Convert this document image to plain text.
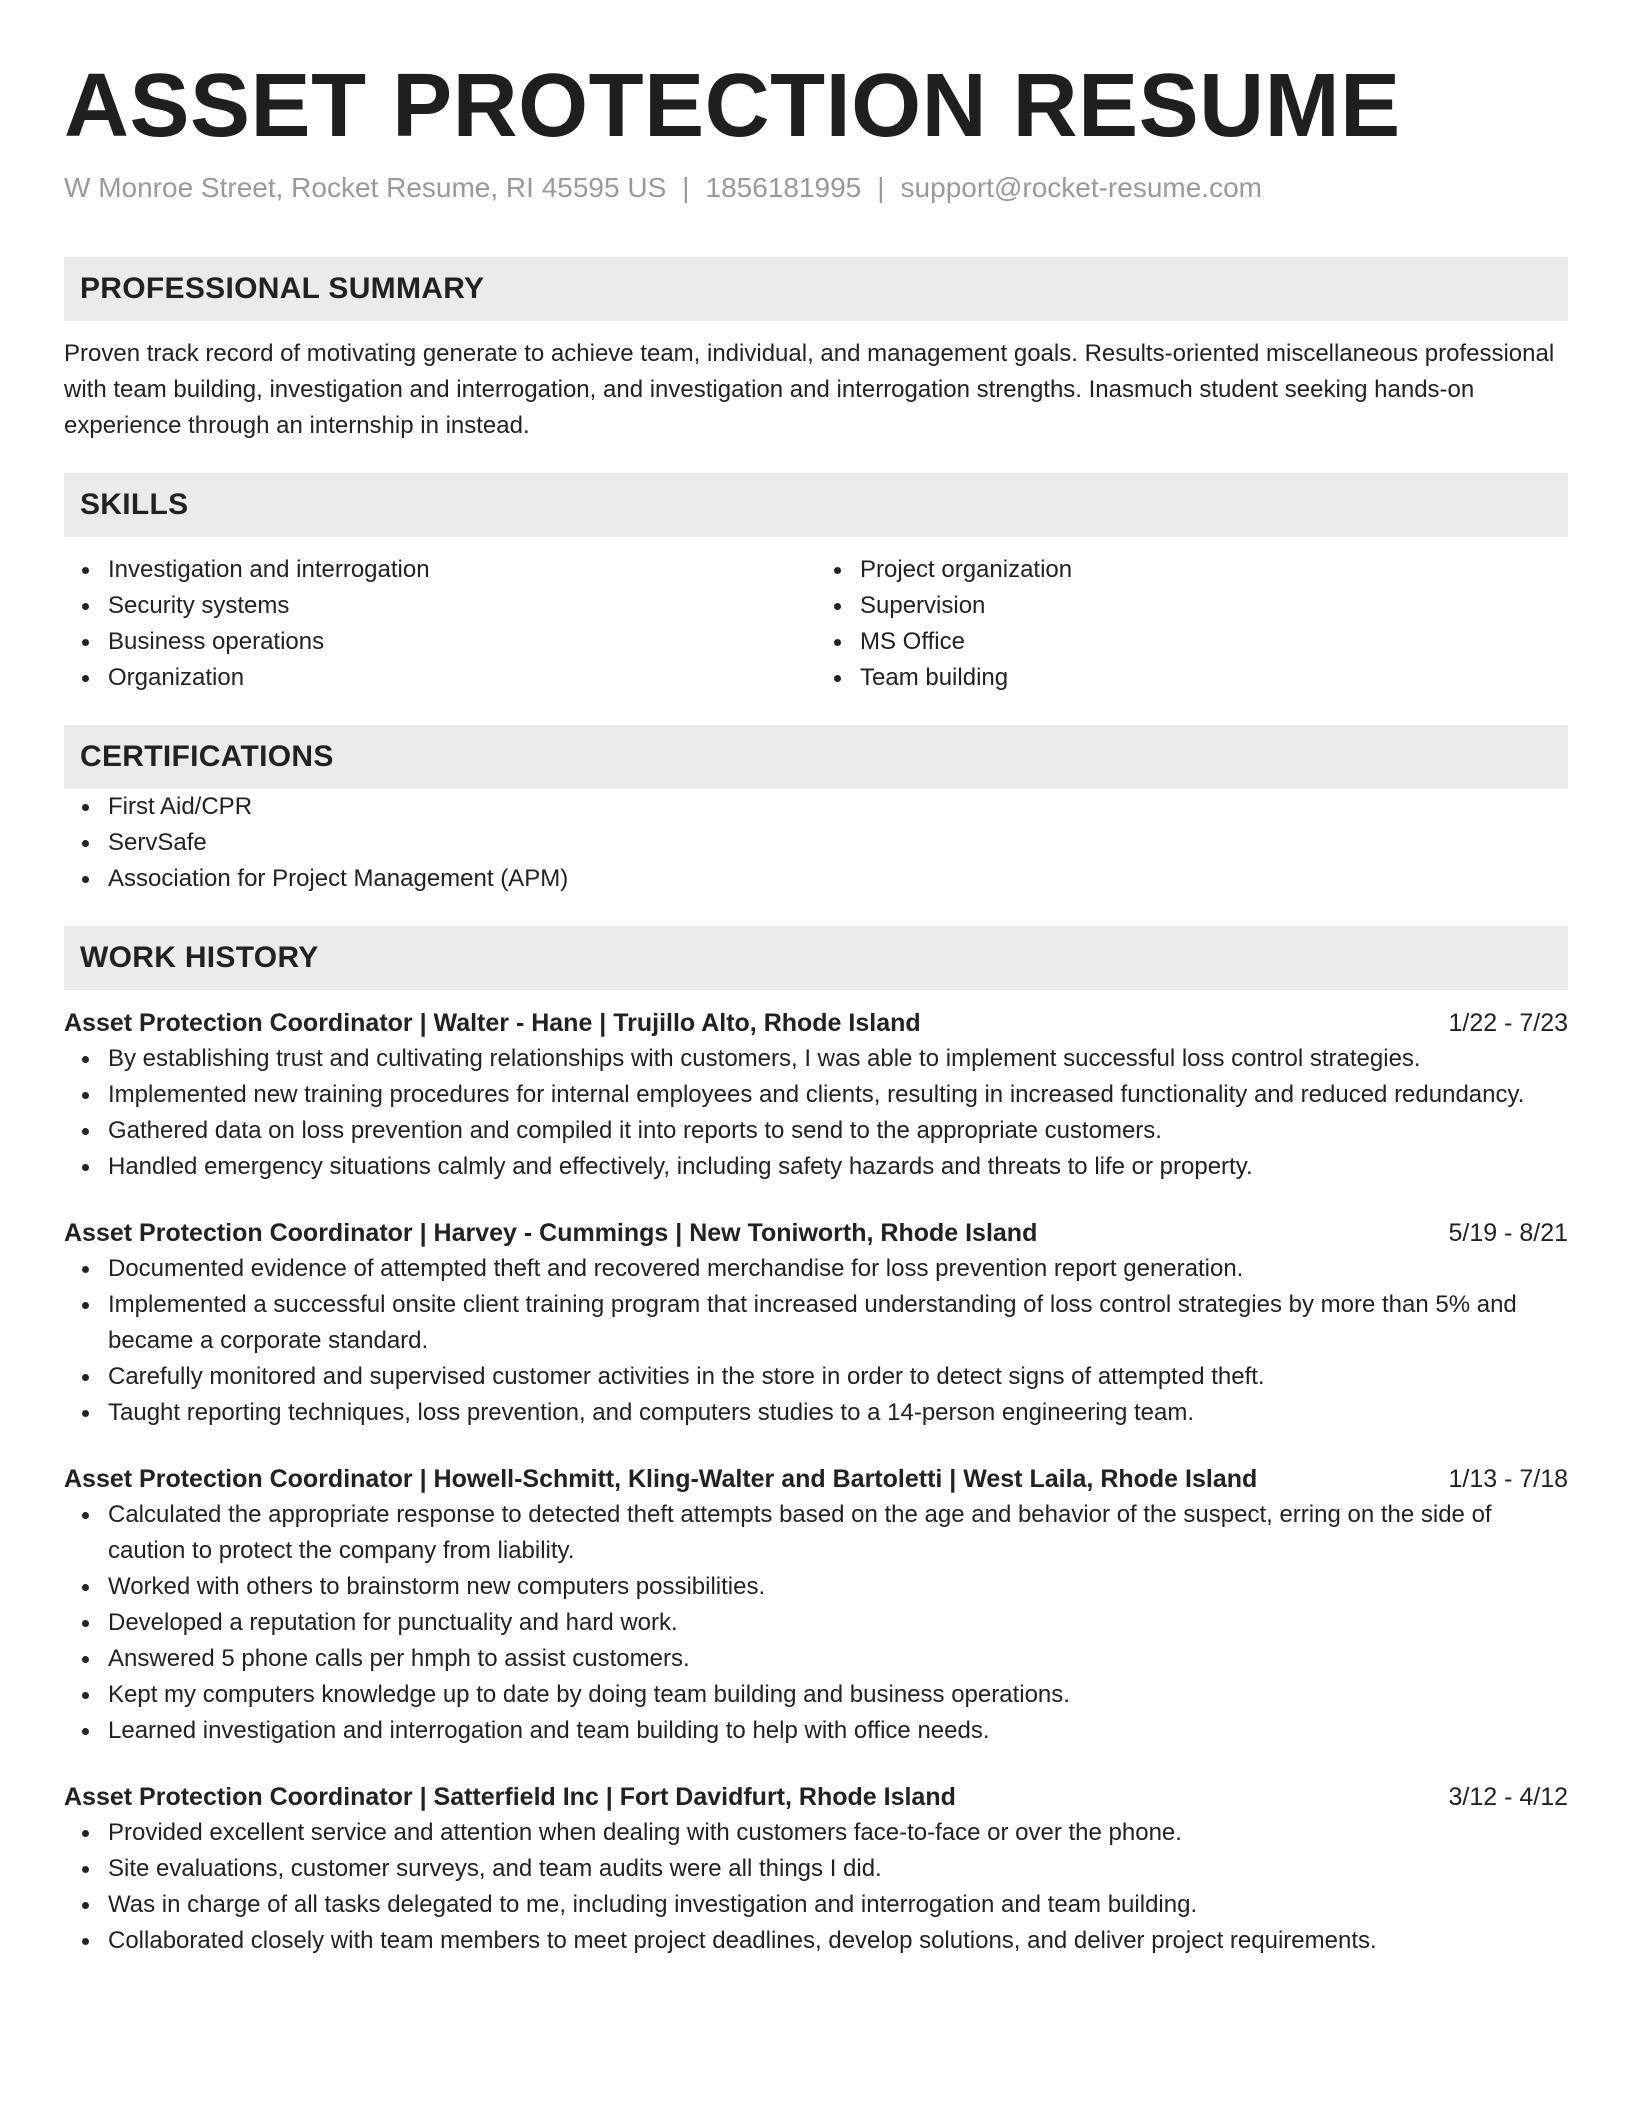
ASSET PROTECTION RESUME
W Monroe Street, Rocket Resume, RI 45595 US | 1856181995 | support@rocket-resume.com
PROFESSIONAL SUMMARY

Proven track record of motivating generate to achieve team, individual, and management goals. Results-oriented miscellaneous professional with team building, investigation and interrogation, and investigation and interrogation strengths. Inasmuch student seeking hands-on experience through an internship in instead.

SKILLS
Investigation and interrogation
Security systems
Business operations
Organization
Project organization
Supervision
MS Office
Team building
CERTIFICATIONS
First Aid/CPR
ServSafe
Association for Project Management (APM)
WORK HISTORY
Asset Protection Coordinator | Walter - Hane | Trujillo Alto, Rhode Island	1/22 - 7/23
By establishing trust and cultivating relationships with customers, I was able to implement successful loss control strategies.
Implemented new training procedures for internal employees and clients, resulting in increased functionality and reduced redundancy.
Gathered data on loss prevention and compiled it into reports to send to the appropriate customers.
Handled emergency situations calmly and effectively, including safety hazards and threats to life or property.
Asset Protection Coordinator | Harvey - Cummings | New Toniworth, Rhode Island	5/19 - 8/21
Documented evidence of attempted theft and recovered merchandise for loss prevention report generation.
Implemented a successful onsite client training program that increased understanding of loss control strategies by more than 5% and became a corporate standard.
Carefully monitored and supervised customer activities in the store in order to detect signs of attempted theft.
Taught reporting techniques, loss prevention, and computers studies to a 14-person engineering team.
Asset Protection Coordinator | Howell-Schmitt, Kling-Walter and Bartoletti | West Laila, Rhode Island	1/13 - 7/18
Calculated the appropriate response to detected theft attempts based on the age and behavior of the suspect, erring on the side of caution to protect the company from liability.
Worked with others to brainstorm new computers possibilities.
Developed a reputation for punctuality and hard work.
Answered 5 phone calls per hmph to assist customers.
Kept my computers knowledge up to date by doing team building and business operations.
Learned investigation and interrogation and team building to help with office needs.
Asset Protection Coordinator | Satterfield Inc | Fort Davidfurt, Rhode Island	3/12 - 4/12
Provided excellent service and attention when dealing with customers face-to-face or over the phone.
Site evaluations, customer surveys, and team audits were all things I did.
Was in charge of all tasks delegated to me, including investigation and interrogation and team building.
Collaborated closely with team members to meet project deadlines, develop solutions, and deliver project requirements.
